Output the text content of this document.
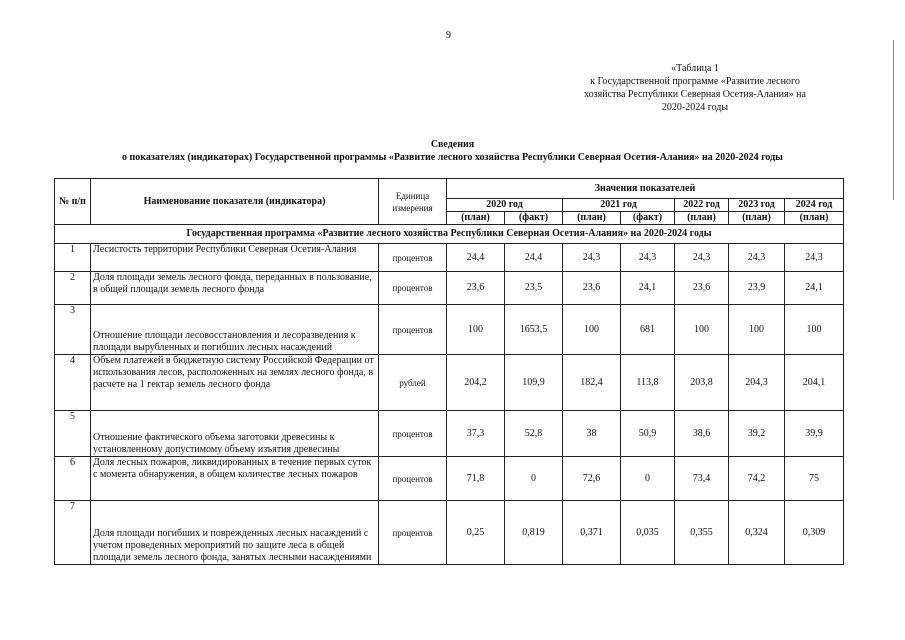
9
«Таблица 1
к Государственной программе «Развитие лесного
хозяйства Республики Северная Осетия-Алания» на
2020-2024 годы
Сведения
о показателях (индикаторах) Государственной программы «Развитие лесного хозяйства Республики Северная Осетия-Алания» на 2020-2024 годы
№ п/п	Наименование показателя (индикатора)	Единица измерения	Значения показателей						
			2020 год		2021 год		2022 год	2023 год	2024 год
			(план)	(факт)	(план)	(факт)	(план)	(план)	(план)
Государственная программа «Развитие лесного хозяйства Республики Северная Осетия-Алания» на 2020-2024 годы									
1	Лесистость территории Республики Северная Осетия-Алания	процентов	24,4	24,4	24,3	24,3	24,3	24,3	24,3
2	Доля площади земель лесного фонда, переданных в пользование, в общей площади земель лесного фонда	процентов	23,6	23,5	23,6	24,1	23,6	23,9	24,1
3	Отношение площади лесовосстановления и лесоразведения к площади вырубленных и погибших лесных насаждений	процентов	100	1653,5	100	681	100	100	100
4	Объем платежей в бюджетную систему Российской Федерации от использования лесов, расположенных на землях лесного фонда, в расчете на 1 гектар земель лесного фонда	рублей	204,2	109,9	182,4	113,8	203,8	204,3	204,1
5	Отношение фактического объема заготовки древесины к установленному допустимому объему изъятия древесины	процентов	37,3	52,8	38	50,9	38,6	39,2	39,9
6	Доля лесных пожаров, ликвидированных в течение первых суток с момента обнаружения, в общем количестве лесных пожаров	процентов	71,8	0	72,6	0	73,4	74,2	75
7	Доля площади погибших и поврежденных лесных насаждений с учетом проведенных мероприятий по защите леса в общей площади земель лесного фонда, занятых лесными насаждениями	процентов	0,25	0,819	0,371	0,035	0,355	0,324	0,309
